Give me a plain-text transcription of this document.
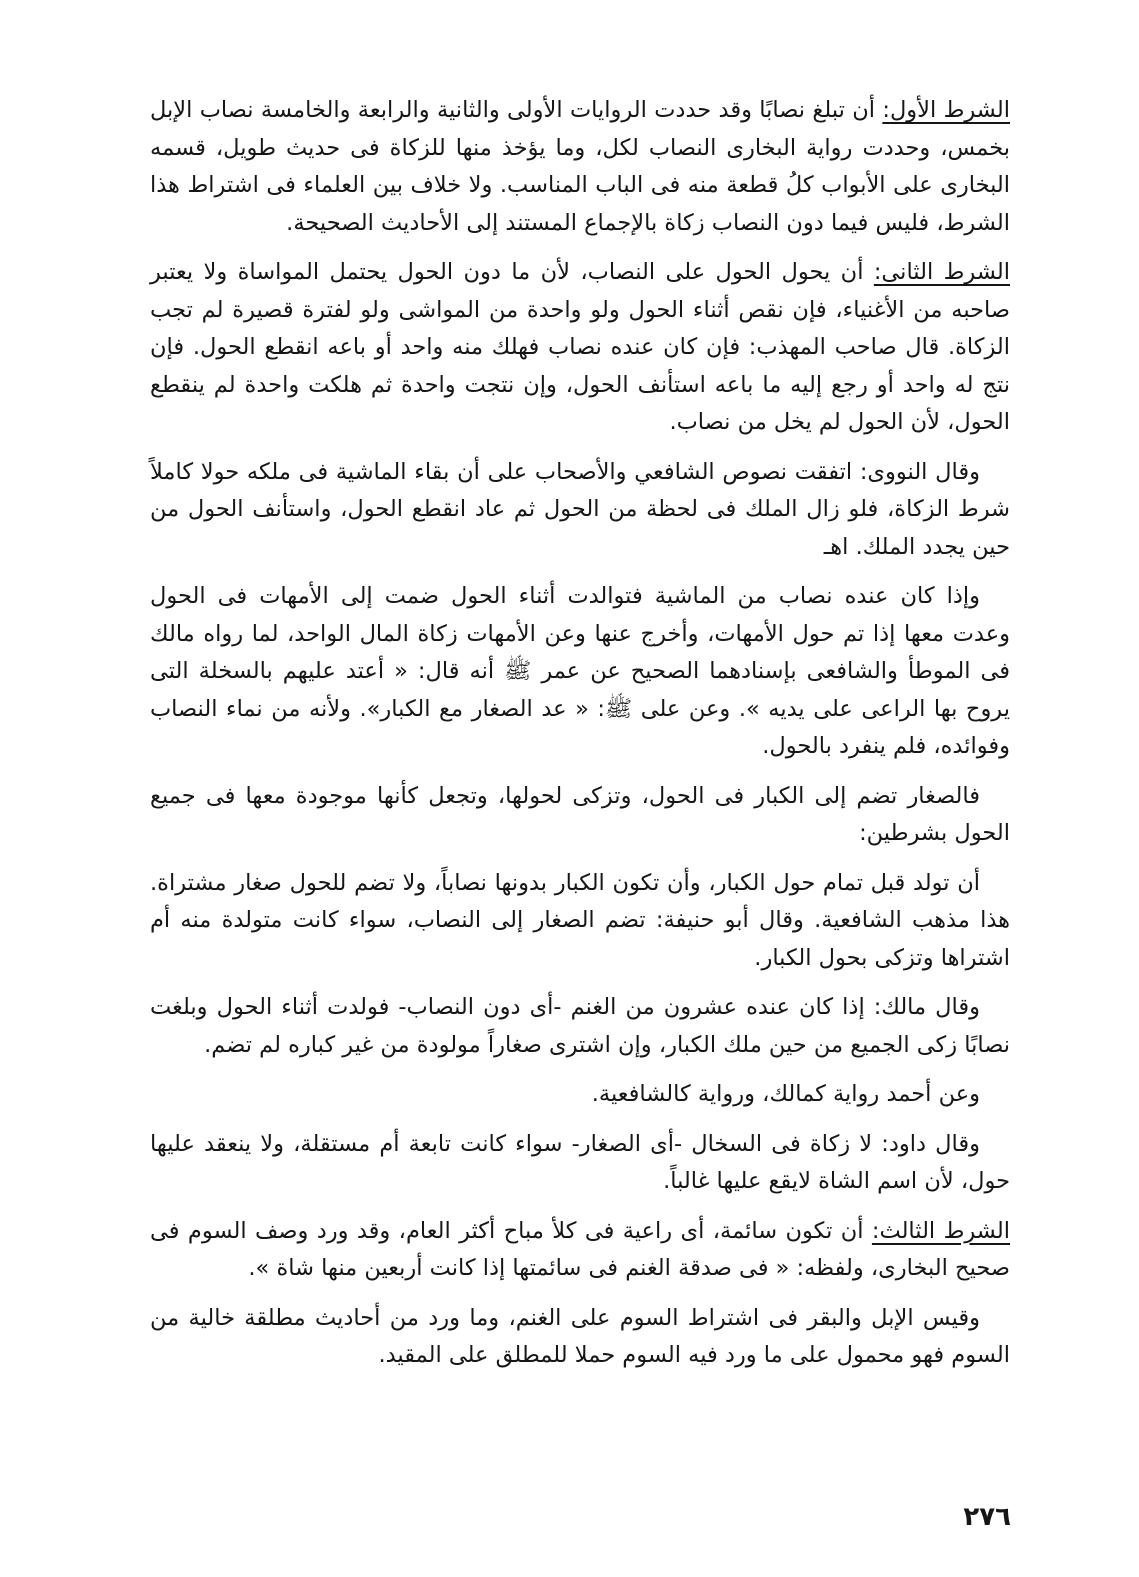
الشرط الأول: أن تبلغ نصابًا وقد حددت الروايات الأولى والثانية والرابعة والخامسة نصاب الإبل بخمس، وحددت رواية البخارى النصاب لكل، وما يؤخذ منها للزكاة فى حديث طويل، قسمه البخارى على الأبواب كلُ قطعة منه فى الباب المناسب. ولا خلاف بين العلماء فى اشتراط هذا الشرط، فليس فيما دون النصاب زكاة بالإجماع المستند إلى الأحاديث الصحيحة.

الشرط الثانى: أن يحول الحول على النصاب، لأن ما دون الحول يحتمل المواساة ولا يعتبر صاحبه من الأغنياء، فإن نقص أثناء الحول ولو واحدة من المواشى ولو لفترة قصيرة لم تجب الزكاة. قال صاحب المهذب: فإن كان عنده نصاب فهلك منه واحد أو باعه انقطع الحول. فإن نتج له واحد أو رجع إليه ما باعه استأنف الحول، وإن نتجت واحدة ثم هلكت واحدة لم ينقطع الحول، لأن الحول لم يخل من نصاب.

وقال النووى: اتفقت نصوص الشافعي والأصحاب على أن بقاء الماشية فى ملكه حولا كاملاً شرط الزكاة، فلو زال الملك فى لحظة من الحول ثم عاد انقطع الحول، واستأنف الحول من حين يجدد الملك. اهـ

وإذا كان عنده نصاب من الماشية فتوالدت أثناء الحول ضمت إلى الأمهات فى الحول وعدت معها إذا تم حول الأمهات، وأخرج عنها وعن الأمهات زكاة المال الواحد، لما رواه مالك فى الموطأ والشافعى بإسنادهما الصحيح عن عمر ﷺ أنه قال: « أعتد عليهم بالسخلة التى يروح بها الراعى على يديه ». وعن على ﷺ: « عد الصغار مع الكبار». ولأنه من نماء النصاب وفوائده، فلم ينفرد بالحول.

فالصغار تضم إلى الكبار فى الحول، وتزكى لحولها، وتجعل كأنها موجودة معها فى جميع الحول بشرطين:

أن تولد قبل تمام حول الكبار، وأن تكون الكبار بدونها نصاباً، ولا تضم للحول صغار مشتراة. هذا مذهب الشافعية. وقال أبو حنيفة: تضم الصغار إلى النصاب، سواء كانت متولدة منه أم اشتراها وتزكى بحول الكبار.

وقال مالك: إذا كان عنده عشرون من الغنم -أى دون النصاب- فولدت أثناء الحول وبلغت نصابًا زكى الجميع من حين ملك الكبار، وإن اشترى صغاراً مولودة من غير كباره لم تضم.

وعن أحمد رواية كمالك، ورواية كالشافعية.

وقال داود: لا زكاة فى السخال -أى الصغار- سواء كانت تابعة أم مستقلة، ولا ينعقد عليها حول، لأن اسم الشاة لايقع عليها غالباً.

الشرط الثالث: أن تكون سائمة، أى راعية فى كلأ مباح أكثر العام، وقد ورد وصف السوم فى صحيح البخارى، ولفظه: « فى صدقة الغنم فى سائمتها إذا كانت أربعين منها شاة ».

وقيس الإبل والبقر فى اشتراط السوم على الغنم، وما ورد من أحاديث مطلقة خالية من السوم فهو محمول على ما ورد فيه السوم حملا للمطلق على المقيد.

٢٧٦
